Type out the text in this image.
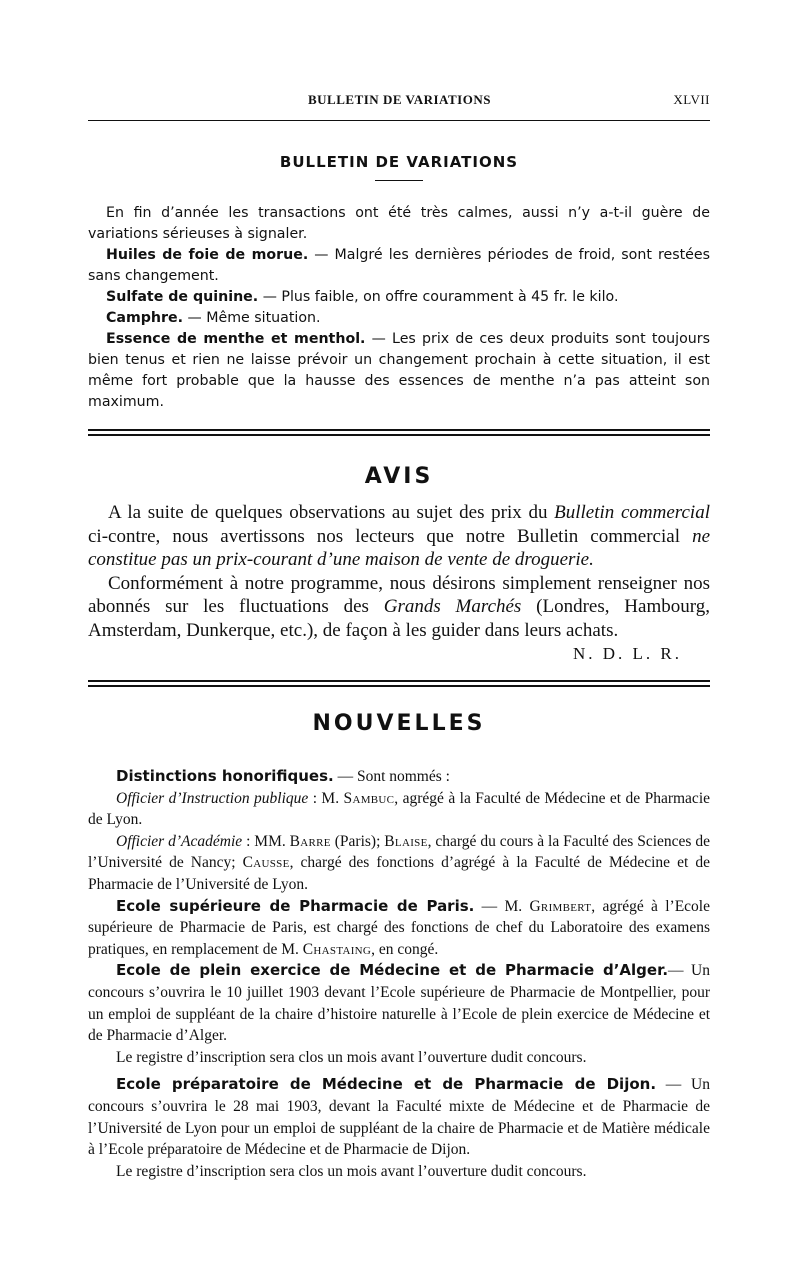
BULLETIN DE VARIATIONS	XLVII
BULLETIN DE VARIATIONS

En fin d’année les transactions ont été très calmes, aussi n’y a-t-il guère de variations sérieuses à signaler.

Huiles de foie de morue. — Malgré les dernières périodes de froid, sont restées sans changement.

Sulfate de quinine. — Plus faible, on offre couramment à 45 fr. le kilo.

Camphre. — Même situation.

Essence de menthe et menthol. — Les prix de ces deux produits sont toujours bien tenus et rien ne laisse prévoir un changement prochain à cette situation, il est même fort probable que la hausse des essences de menthe n’a pas atteint son maximum.

AVIS

A la suite de quelques observations au sujet des prix du Bulletin commercial ci-contre, nous avertissons nos lecteurs que notre Bulletin commercial ne constitue pas un prix-courant d’une maison de vente de droguerie.

Conformément à notre programme, nous désirons simplement renseigner nos abonnés sur les fluctuations des Grands Marchés (Londres, Hambourg, Amsterdam, Dunkerque, etc.), de façon à les guider dans leurs achats.

N. D. L. R.
NOUVELLES

Distinctions honorifiques. — Sont nommés :

Officier d’Instruction publique : M. Sambuc, agrégé à la Faculté de Médecine et de Pharmacie de Lyon.

Officier d’Académie : MM. Barre (Paris); Blaise, chargé du cours à la Faculté des Sciences de l’Université de Nancy; Causse, chargé des fonctions d’agrégé à la Faculté de Médecine et de Pharmacie de l’Université de Lyon.

Ecole supérieure de Pharmacie de Paris. — M. Grimbert, agrégé à l’Ecole supérieure de Pharmacie de Paris, est chargé des fonctions de chef du Laboratoire des examens pratiques, en remplacement de M. Chastaing, en congé.

Ecole de plein exercice de Médecine et de Pharmacie d’Alger.— Un concours s’ouvrira le 10 juillet 1903 devant l’Ecole supérieure de Pharmacie de Montpellier, pour un emploi de suppléant de la chaire d’histoire naturelle à l’Ecole de plein exercice de Médecine et de Pharmacie d’Alger.

Le registre d’inscription sera clos un mois avant l’ouverture dudit concours.

Ecole préparatoire de Médecine et de Pharmacie de Dijon. — Un concours s’ouvrira le 28 mai 1903, devant la Faculté mixte de Médecine et de Pharmacie de l’Université de Lyon pour un emploi de suppléant de la chaire de Pharmacie et de Matière médicale à l’Ecole préparatoire de Médecine et de Pharmacie de Dijon.

Le registre d’inscription sera clos un mois avant l’ouverture dudit concours.
